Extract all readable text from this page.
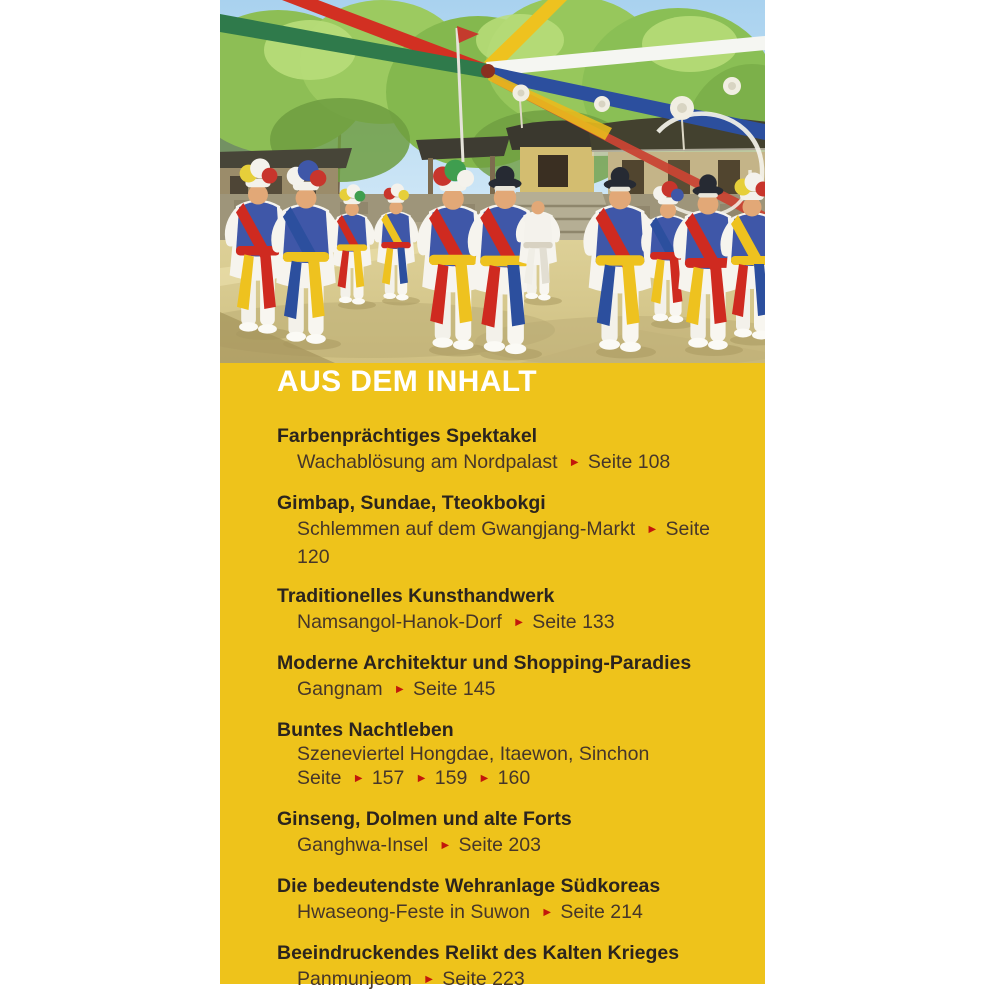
AUS DEM INHALT
Farbenprächtiges Spektakel
Wachablösung am Nordpalast ► Seite 108
Gimbap, Sundae, Tteokbokgi
Schlemmen auf dem Gwangjang-Markt ► Seite 120
Traditionelles Kunsthandwerk
Namsangol-Hanok-Dorf ► Seite 133
Moderne Architektur und Shopping-Paradies
Gangnam ► Seite 145
Buntes Nachtleben
Szeneviertel Hongdae, Itaewon, Sinchon
Seite ► 157 ► 159 ► 160
Ginseng, Dolmen und alte Forts
Ganghwa-Insel ► Seite 203
Die bedeutendste Wehranlage Südkoreas
Hwaseong-Feste in Suwon ► Seite 214
Beeindruckendes Relikt des Kalten Krieges
Panmunjeom ► Seite 223
